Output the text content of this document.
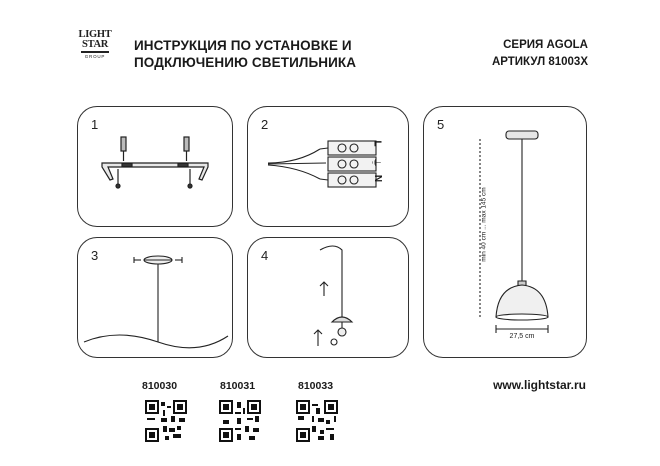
LIGHT
STAR
GROUP
ИНСТРУКЦИЯ ПО УСТАНОВКЕ И
ПОДКЛЮЧЕНИЮ СВЕТИЛЬНИКА
СЕРИЯ AGOLA
АРТИКУЛ 81003X
1	2
L
⏚
N
3	4
5
min 40 cm ... max 145 cm
27,5 cm
810030	810031	810033	www.lightstar.ru
